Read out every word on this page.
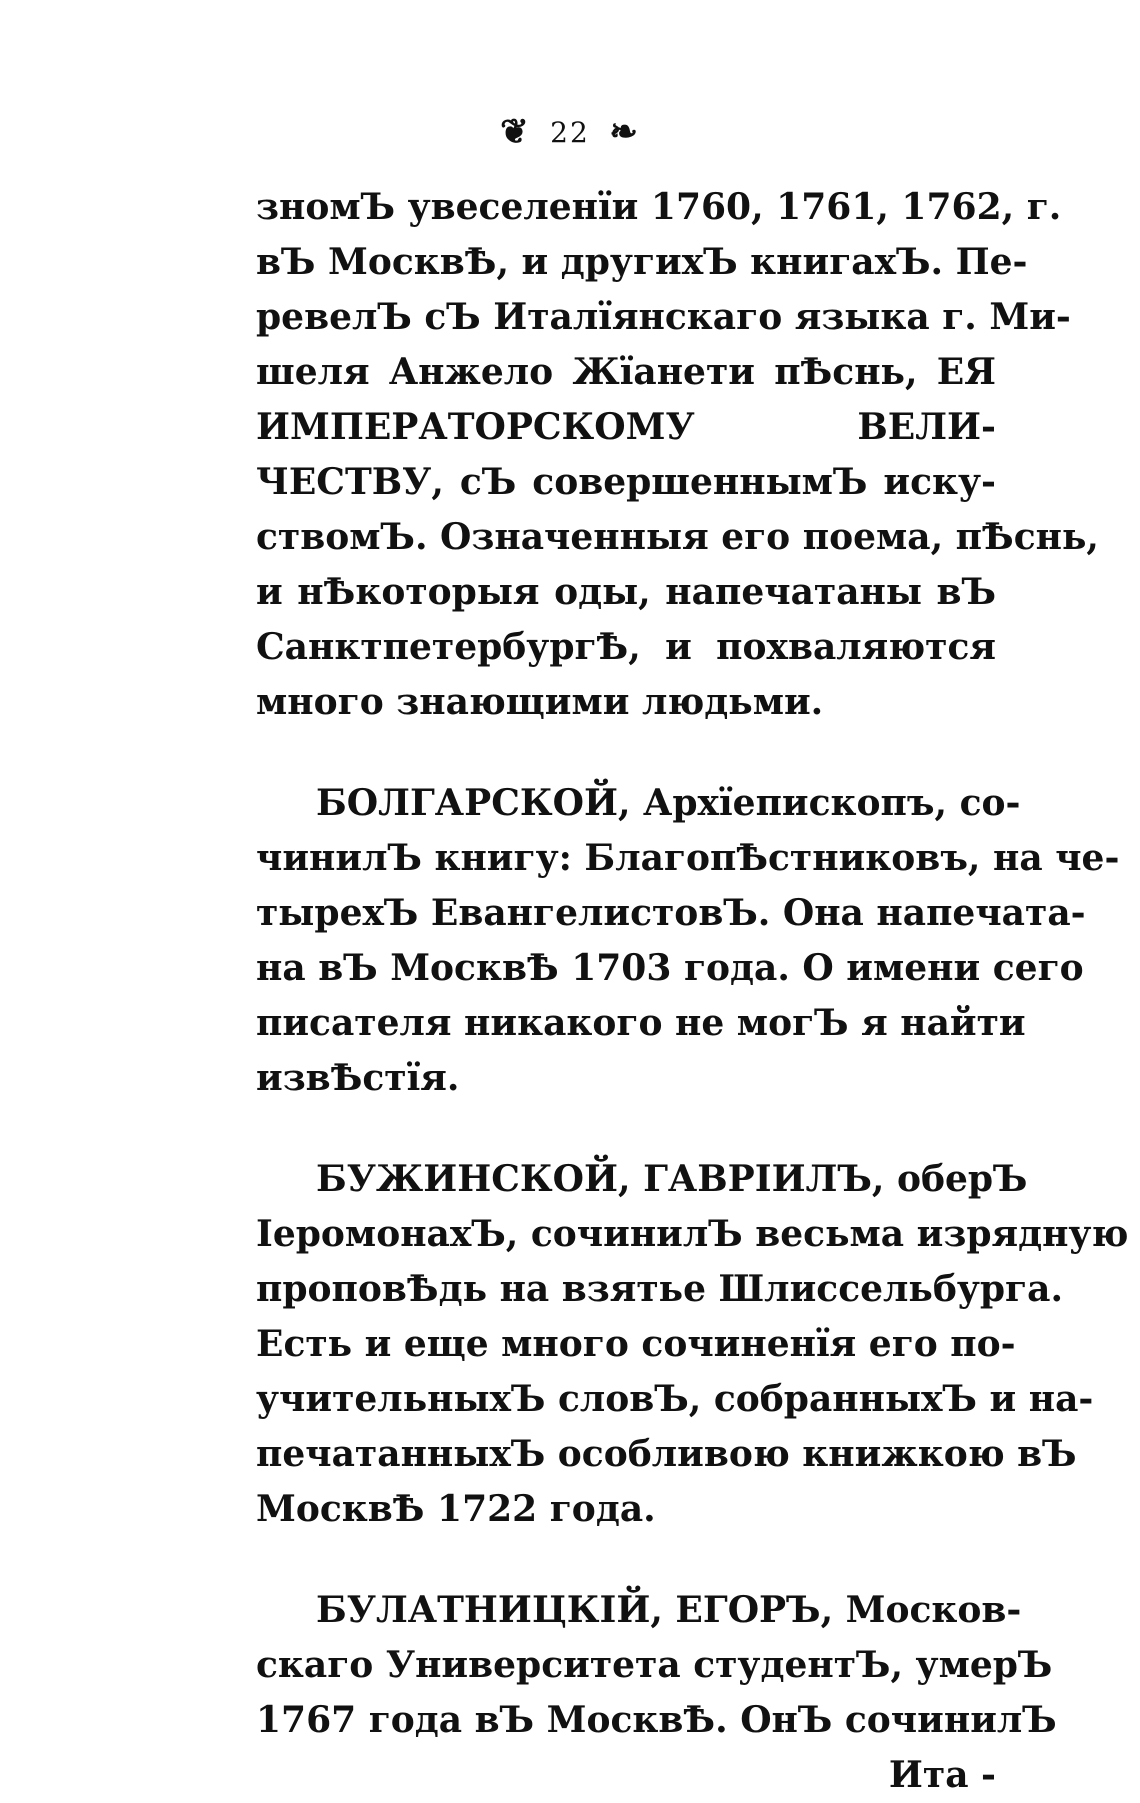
❦ 22 ❧
зномЪ увеселенїи 1760, 1761, 1762, г.
вЪ МосквѢ, и другихЪ книгахЪ. Пе-
ревелЪ сЪ Италїянскаго языка г. Ми-
шеля Анжело Жїанети пѢснь, ЕЯ
ИМПЕРАТОРСКОМУ ВЕЛИ-
ЧЕСТВУ, сЪ совершеннымЪ иску-
ствомЪ. Означенныя его поема, пѢснь,
и нѢкоторыя оды, напечатаны вЪ
СанктпетербургѢ, и похваляются
много знающими людьми.
БОЛГАРСКОЙ, Архїепископъ, со-
чинилЪ книгу: БлагопѢстниковъ, на че-
тырехЪ ЕвангелистовЪ. Она напечата-
на вЪ МосквѢ 1703 года. О имени сего
писателя никакого не могЪ я найти
извѢстїя.
БУЖИНСКОЙ, ГАВРIИЛЪ, оберЪ
IеромонахЪ, сочинилЪ весьма изрядную
проповѢдь на взятье Шлиссельбурга.
Есть и еще много сочиненїя его по-
учительныхЪ словЪ, собранныхЪ и на-
печатанныхЪ особливою книжкою вЪ
МосквѢ 1722 года.
БУЛАТНИЦКIЙ, ЕГОРЪ, Москов-
скаго Университета студентЪ, умерЪ
1767 года вЪ МосквѢ. ОнЪ сочинилЪ
Ита -
